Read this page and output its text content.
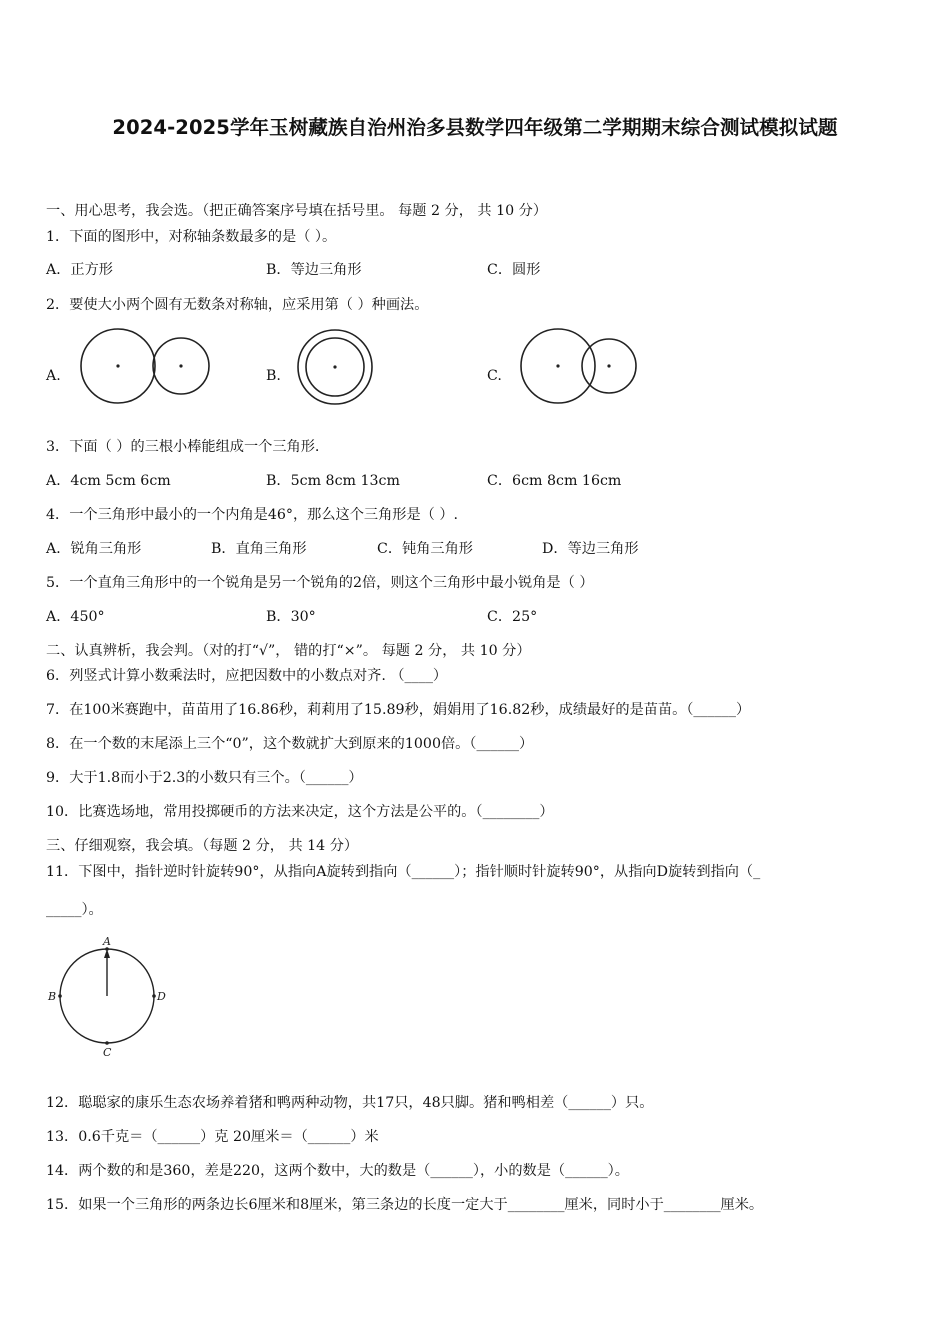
2024-2025学年玉树藏族自治州治多县数学四年级第二学期期末综合测试模拟试题
一、用心思考，我会选。（把正确答案序号填在括号里。 每题 2 分， 共 10 分）
1．下面的图形中，对称轴条数最多的是（ ）。
A．正方形	B．等边三角形	C．圆形
2．要使大小两个圆有无数条对称轴，应采用第（ ）种画法。
A.	B.	C.
3．下面（ ）的三根小棒能组成一个三角形.
A．4cm 5cm 6cm	B．5cm 8cm 13cm	C．6cm 8cm 16cm
4．一个三角形中最小的一个内角是46°，那么这个三角形是（ ）.
A．锐角三角形	B．直角三角形	C．钝角三角形	D．等边三角形
5．一个直角三角形中的一个锐角是另一个锐角的2倍，则这个三角形中最小锐角是（ ）
A．450°	B．30°	C．25°
二、认真辨析，我会判。（对的打“√”， 错的打“×”。 每题 2 分， 共 10 分）
6．列竖式计算小数乘法时，应把因数中的小数点对齐. （____）
7．在100米赛跑中，苗苗用了16.86秒，莉莉用了15.89秒，娟娟用了16.82秒，成绩最好的是苗苗。（______）
8．在一个数的末尾添上三个“0”，这个数就扩大到原来的1000倍。（______）
9．大于1.8而小于2.3的小数只有三个。（______）
10．比赛选场地，常用投掷硬币的方法来决定，这个方法是公平的。（________）
三、仔细观察，我会填。（每题 2 分， 共 14 分）
11．下图中，指针逆时针旋转90°，从指向A旋转到指向（______）；指针顺时针旋转90°，从指向D旋转到指向（_
_____）。
A
B	D
C
12．聪聪家的康乐生态农场养着猪和鸭两种动物，共17只，48只脚。猪和鸭相差（______）只。
13．0.6千克＝（______）克 20厘米＝（______）米
14．两个数的和是360，差是220，这两个数中，大的数是（______），小的数是（______）。
15．如果一个三角形的两条边长6厘米和8厘米，第三条边的长度一定大于________厘米，同时小于________厘米。
